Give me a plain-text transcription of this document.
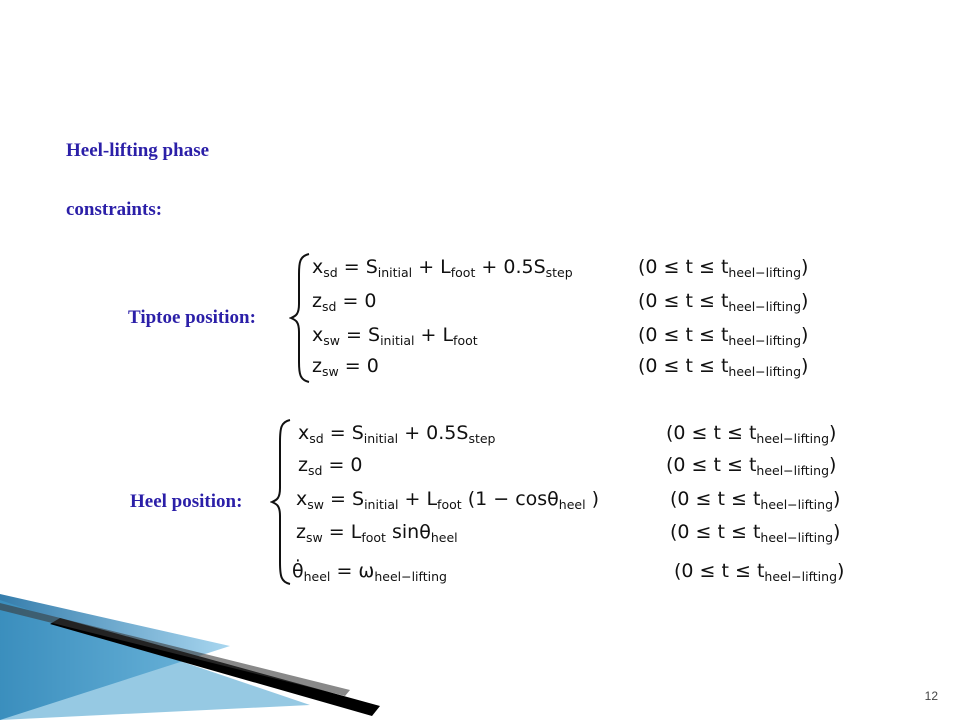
Heel-lifting phase
constraints:
Tiptoe position:
$x_{sd} = S_{initial} + L_{foot} + 0.5S_{step}$	$(0 \le t \le t_{heel-lifting})$
$z_{sd} = 0$	$(0 \le t \le t_{heel-lifting})$
$x_{sw} = S_{initial} + L_{foot}$	$(0 \le t \le t_{heel-lifting})$
$z_{sw} = 0$	$(0 \le t \le t_{heel-lifting})$
Heel position:
$x_{sd} = S_{initial} + 0.5S_{step}$	$(0 \le t \le t_{heel-lifting})$
$z_{sd} = 0$	$(0 \le t \le t_{heel-lifting})$
$x_{sw} = S_{initial} + L_{foot}$ (1 − cosθ$_{heel}$ )	$(0 \le t \le t_{heel-lifting})$
$z_{sw} = L_{foot}$ sinθ$_{heel}$	$(0 \le t \le t_{heel-lifting})$
$\thetȧ_{heel} = \omega_{heel-lifting}$	$(0 \le t \le t_{heel-lifting})$
12
